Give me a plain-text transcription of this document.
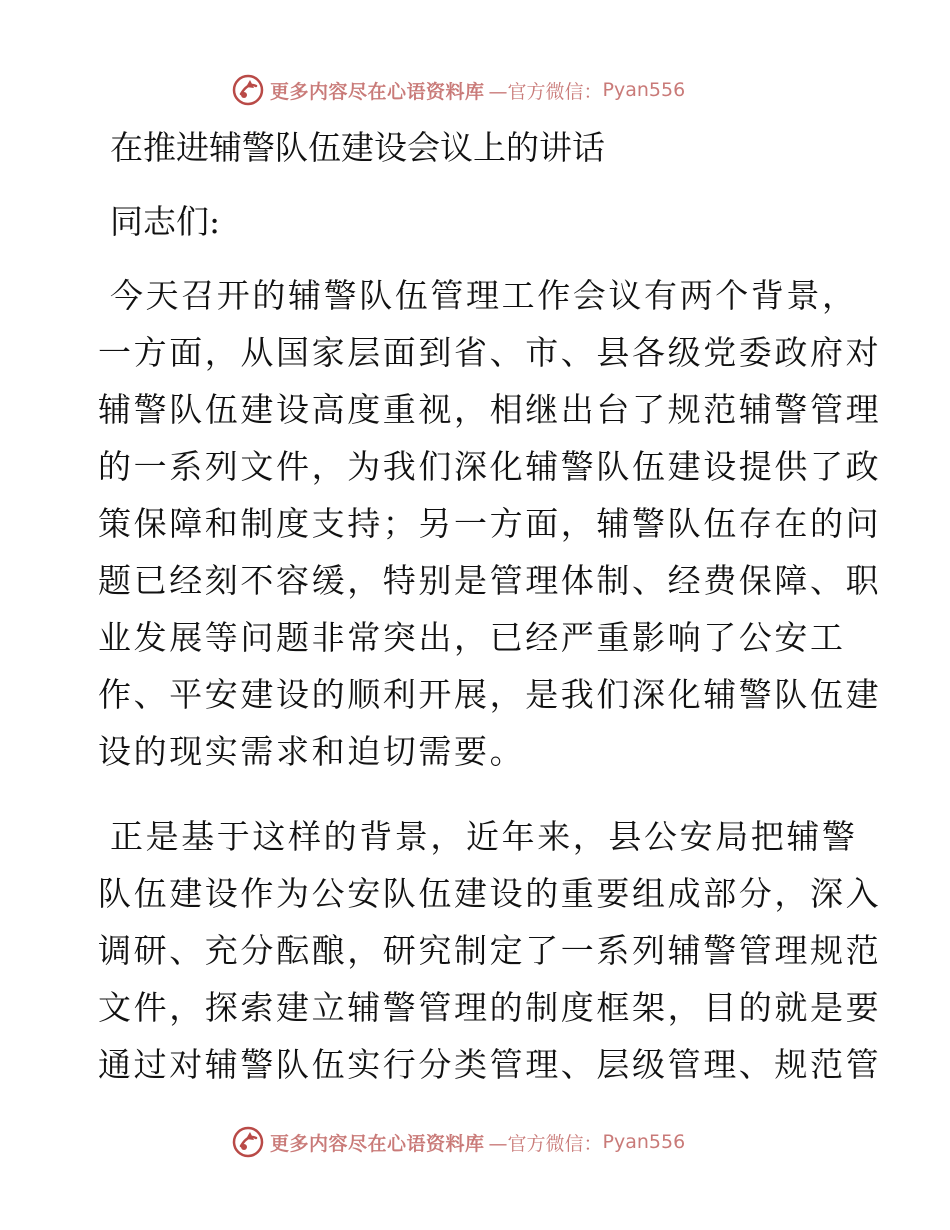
更多内容尽在心语资料库 —官方微信： Pyan556
在推进辅警队伍建设会议上的讲话
同志们:
今天召开的辅警队伍管理工作会议有两个背景，
一方面，从国家层面到省、市、县各级党委政府对
辅警队伍建设高度重视，相继出台了规范辅警管理
的一系列文件，为我们深化辅警队伍建设提供了政
策保障和制度支持；另一方面，辅警队伍存在的问
题已经刻不容缓，特别是管理体制、经费保障、职
业发展等问题非常突出，已经严重影响了公安工
作、平安建设的顺利开展，是我们深化辅警队伍建
设的现实需求和迫切需要。
正是基于这样的背景，近年来，县公安局把辅警
队伍建设作为公安队伍建设的重要组成部分，深入
调研、充分酝酿，研究制定了一系列辅警管理规范
文件，探索建立辅警管理的制度框架，目的就是要
通过对辅警队伍实行分类管理、层级管理、规范管
更多内容尽在心语资料库 —官方微信： Pyan556
